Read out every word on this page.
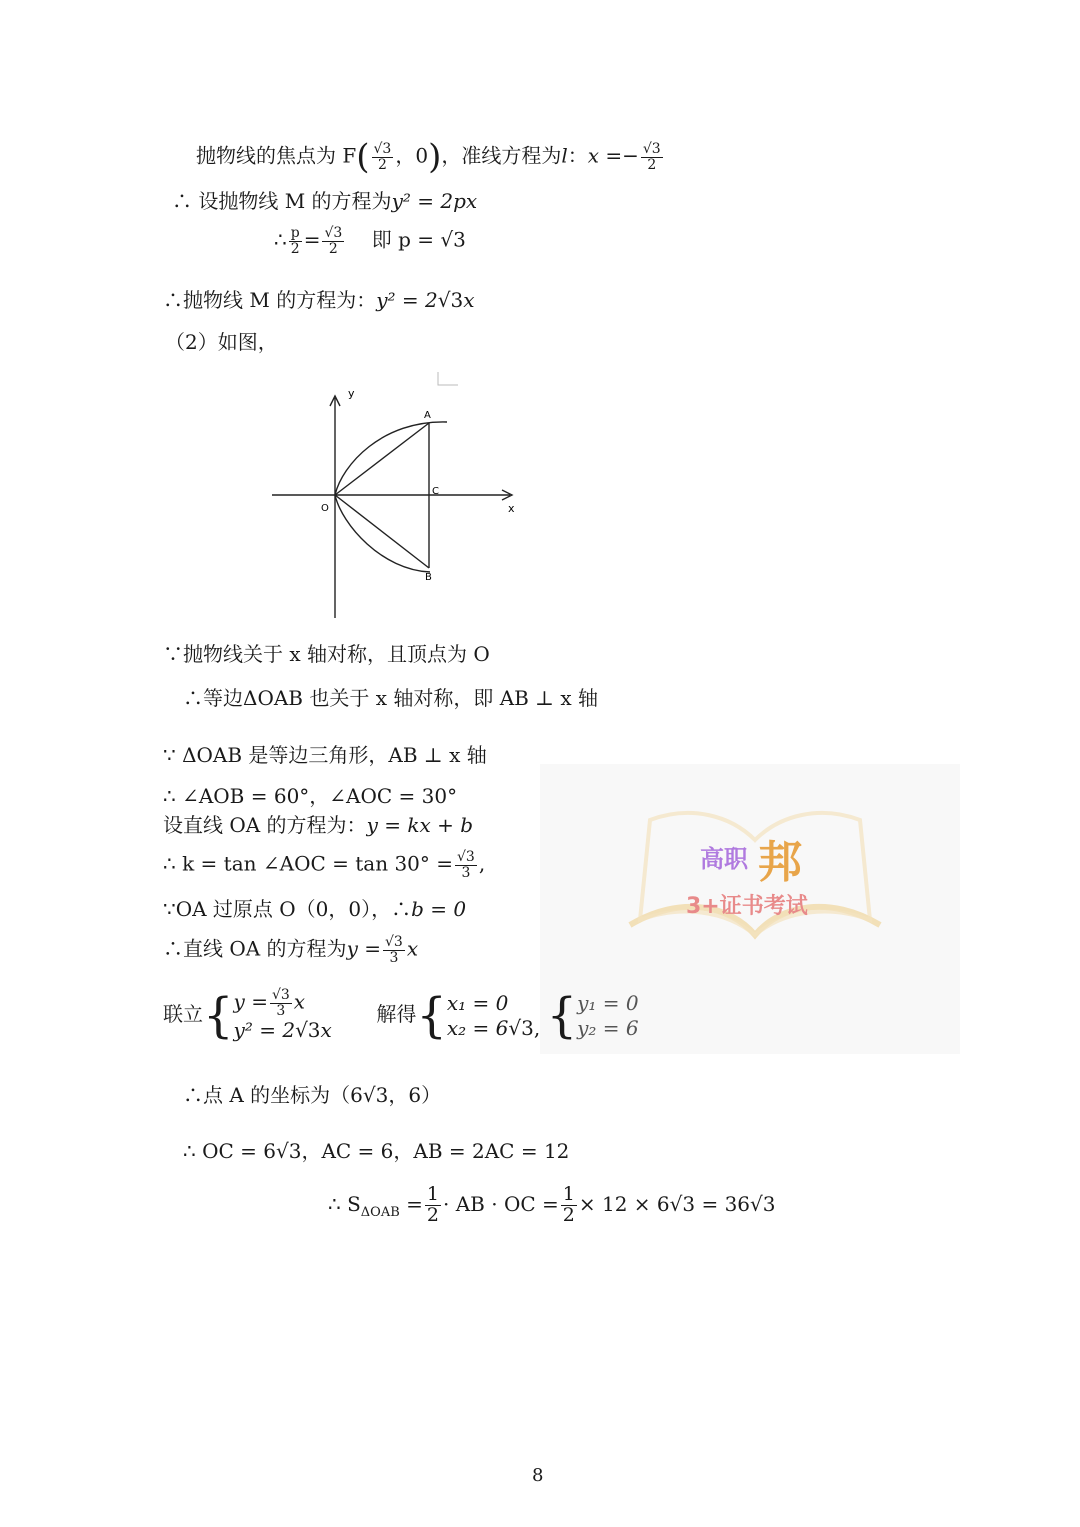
抛物线的焦点为 $F( \frac{√3}{2}$ ，0)，准线方程为l：$x =- \frac{√3}{2}$
∴ 设抛物线 M 的方程为y² = 2px
∴ $\frac{p}{2} = \frac{√3}{2}$ 即 p = √3
∴抛物线 M 的方程为：y² = 2√3x
（2）如图，
y
x
O
A
B
C
∵抛物线关于 x 轴对称，且顶点为 O
∴等边ΔOAB 也关于 x 轴对称，即 AB ⊥ x 轴
∵ ΔOAB 是等边三角形，AB ⊥ x 轴
∴ ∠AOB = 60°，∠AOC = 30°
设直线 OA 的方程为：y = kx + b
高职 邦
3+证书考试
∴ k = tan ∠AOC = $\tan 30^\circ = \frac{√3}{3}$ ,
∵OA 过原点 O（0，0），∴b = 0
∴直线 OA 的方程为$y = \frac{√3}{3}$ x
联立{ $y = \frac{√3}{3}$ x
y² = 2√3x
解得{ x₁ = 0
x₂ = 6√3, { y₁ = 0
y₂ = 6
∴点 A 的坐标为（6√3，6）
∴ OC = 6√3，AC = 6，AB = 2AC = 12
∴ $S_{\Delta OAB} = \frac{1}{2}$ · AB · OC = $\frac{1}{2} \times 12 \times 6√3 = 36√3$
8
